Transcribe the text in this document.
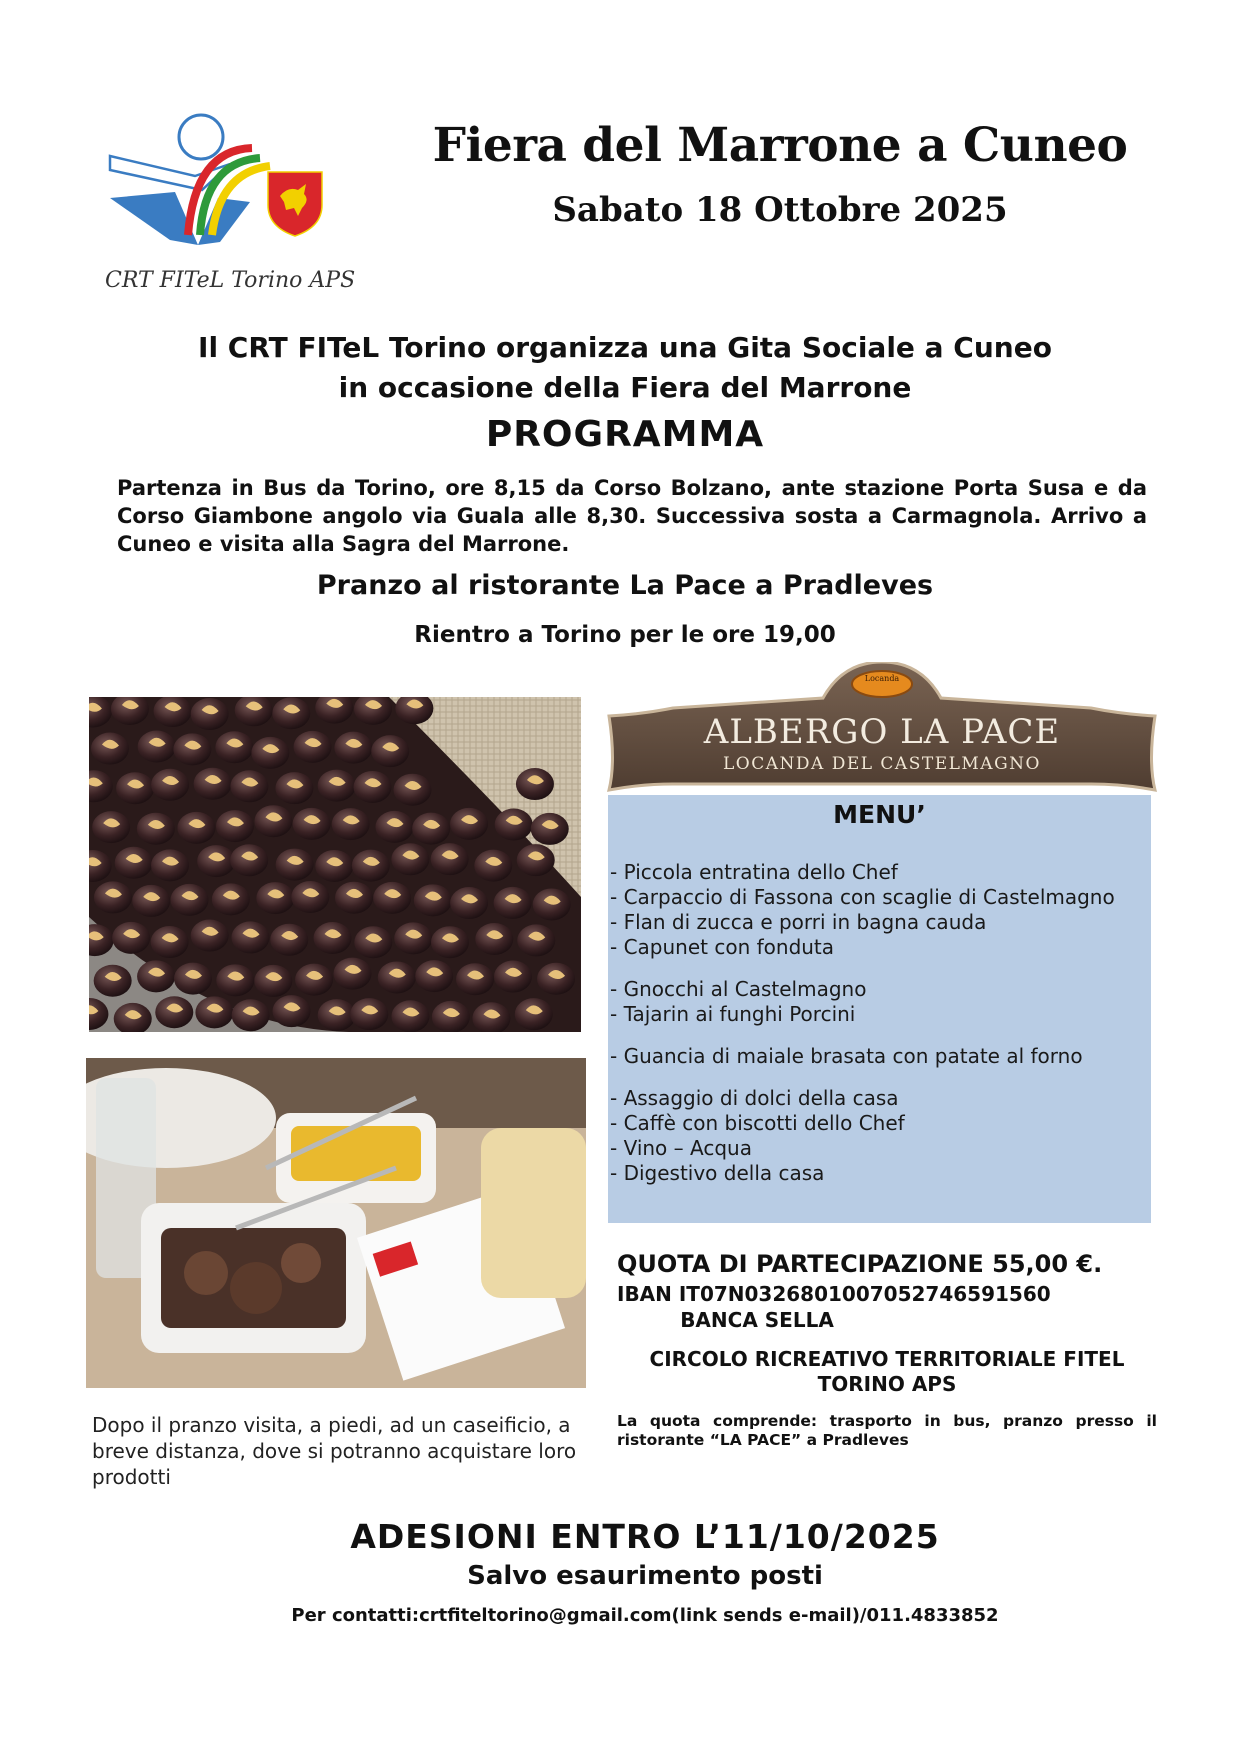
CRT FITeL Torino APS
Fiera del Marrone a Cuneo
Sabato 18 Ottobre 2025
Il CRT FITeL Torino organizza una Gita Sociale a Cuneo
in occasione della Fiera del Marrone
PROGRAMMA
Partenza in Bus da Torino, ore 8,15 da Corso Bolzano, ante stazione Porta Susa e da Corso Giambone angolo via Guala alle 8,30. Successiva sosta a Carmagnola. Arrivo a Cuneo e visita alla Sagra del Marrone.
Pranzo al ristorante La Pace a Pradleves
Rientro a Torino per le ore 19,00
Dopo il pranzo visita, a piedi, ad un caseificio, a breve distanza, dove si potranno acquistare loro prodotti
Locanda
ALBERGO LA PACE
LOCANDA DEL CASTELMAGNO
MENU’
- Piccola entratina dello Chef
- Carpaccio di Fassona con scaglie di Castelmagno
- Flan di zucca e porri in bagna cauda
- Capunet con fonduta
- Gnocchi al Castelmagno
- Tajarin ai funghi Porcini
- Guancia di maiale brasata con patate al forno
- Assaggio di dolci della casa
- Caffè con biscotti dello Chef
- Vino – Acqua
- Digestivo della casa
QUOTA DI PARTECIPAZIONE 55,00 €.
IBAN IT07N0326801007052746591560
BANCA SELLA
CIRCOLO RICREATIVO TERRITORIALE FITEL
TORINO APS
La quota comprende: trasporto in bus, pranzo presso il ristorante “LA PACE” a Pradleves
ADESIONI ENTRO L’11/10/2025
Salvo esaurimento posti
Per contatti:crtfiteltorino@gmail.com(link sends e-mail)/011.4833852
